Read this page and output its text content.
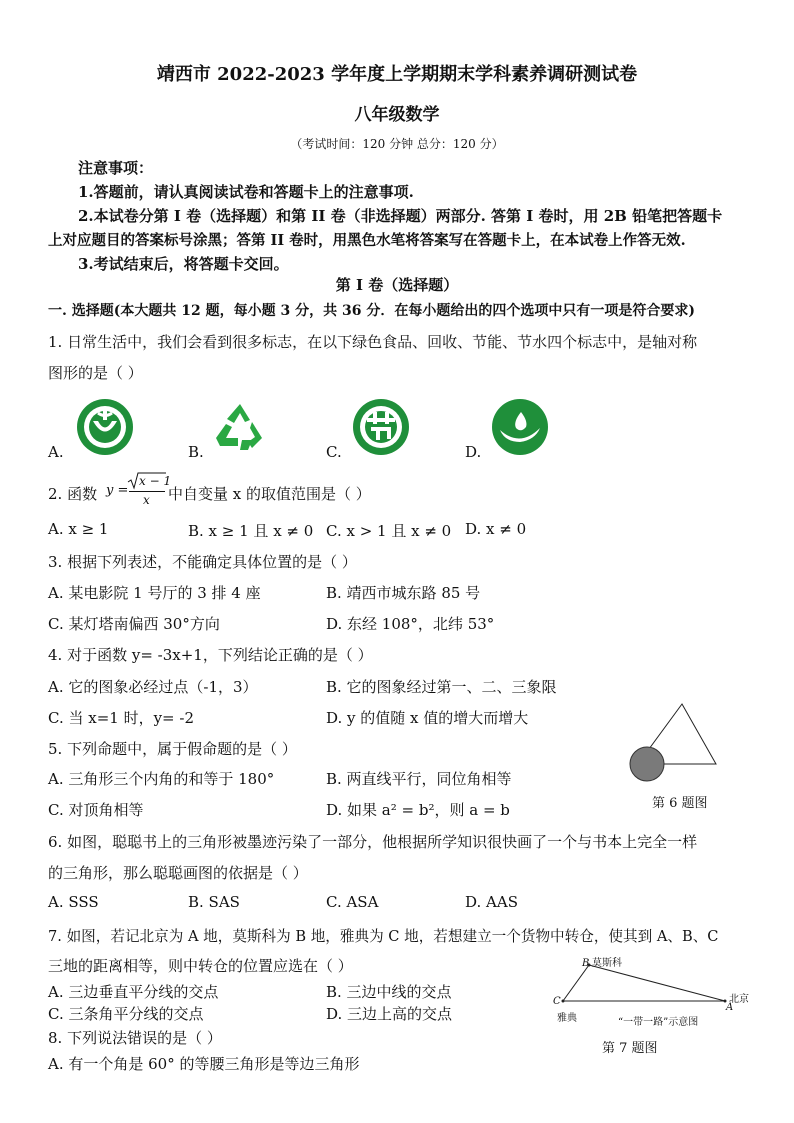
靖西市 2022-2023 学年度上学期期末学科素养调研测试卷
八年级数学
（考试时间：120 分钟 总分：120 分）
注意事项：
1.答题前，请认真阅读试卷和答题卡上的注意事项.
2.本试卷分第 I 卷（选择题）和第 II 卷（非选择题）两部分. 答第 I 卷时，用 2B 铅笔把答题卡
上对应题目的答案标号涂黑；答第 II 卷时，用黑色水笔将答案写在答题卡上，在本试卷上作答无效.
3.考试结束后，将答题卡交回。
第 I 卷（选择题）
一. 选择题(本大题共 12 题，每小题 3 分，共 36 分．在每小题给出的四个选项中只有一项是符合要求)
1. 日常生活中，我们会看到很多标志，在以下绿色食品、回收、节能、节水四个标志中，是轴对称
图形的是（ ）
A.	B.	C.	D.
2. 函数 y =
x − 1
x 中自变量 x 的取值范围是（ ）
A. x ≥ 1	B. x ≥ 1 且 x ≠ 0 C. x > 1 且 x ≠ 0 D. x ≠ 0
3. 根据下列表述，不能确定具体位置的是（ ）
A. 某电影院 1 号厅的 3 排 4 座	B. 靖西市城东路 85 号
C. 某灯塔南偏西 30°方向	D. 东经 108°，北纬 53°
4. 对于函数 y= -3x+1，下列结论正确的是（ ）
A. 它的图象必经过点（-1，3）	B. 它的图象经过第一、二、三象限
C. 当 x=1 时，y= -2	D. y 的值随 x 值的增大而增大
第 6 题图
5. 下列命题中，属于假命题的是（ ）
A. 三角形三个内角的和等于 180°	B. 两直线平行，同位角相等
C. 对顶角相等	D. 如果 a² = b²，则 a = b
6. 如图，聪聪书上的三角形被墨迹污染了一部分，他根据所学知识很快画了一个与书本上完全一样
的三角形，那么聪聪画图的依据是（ ）
A. SSS	B. SAS	C. ASA	D. AAS
7. 如图，若记北京为 A 地，莫斯科为 B 地，雅典为 C 地，若想建立一个货物中转仓，使其到 A、B、C
三地的距离相等，则中转仓的位置应选在（ ）
A. 三边垂直平分线的交点	B. 三边中线的交点
C. 三条角平分线的交点	D. 三边上高的交点
B 莫斯科
C
雅典
A
北京
“一带一路”示意图
第 7 题图
8. 下列说法错误的是（ ）
A. 有一个角是 60° 的等腰三角形是等边三角形
